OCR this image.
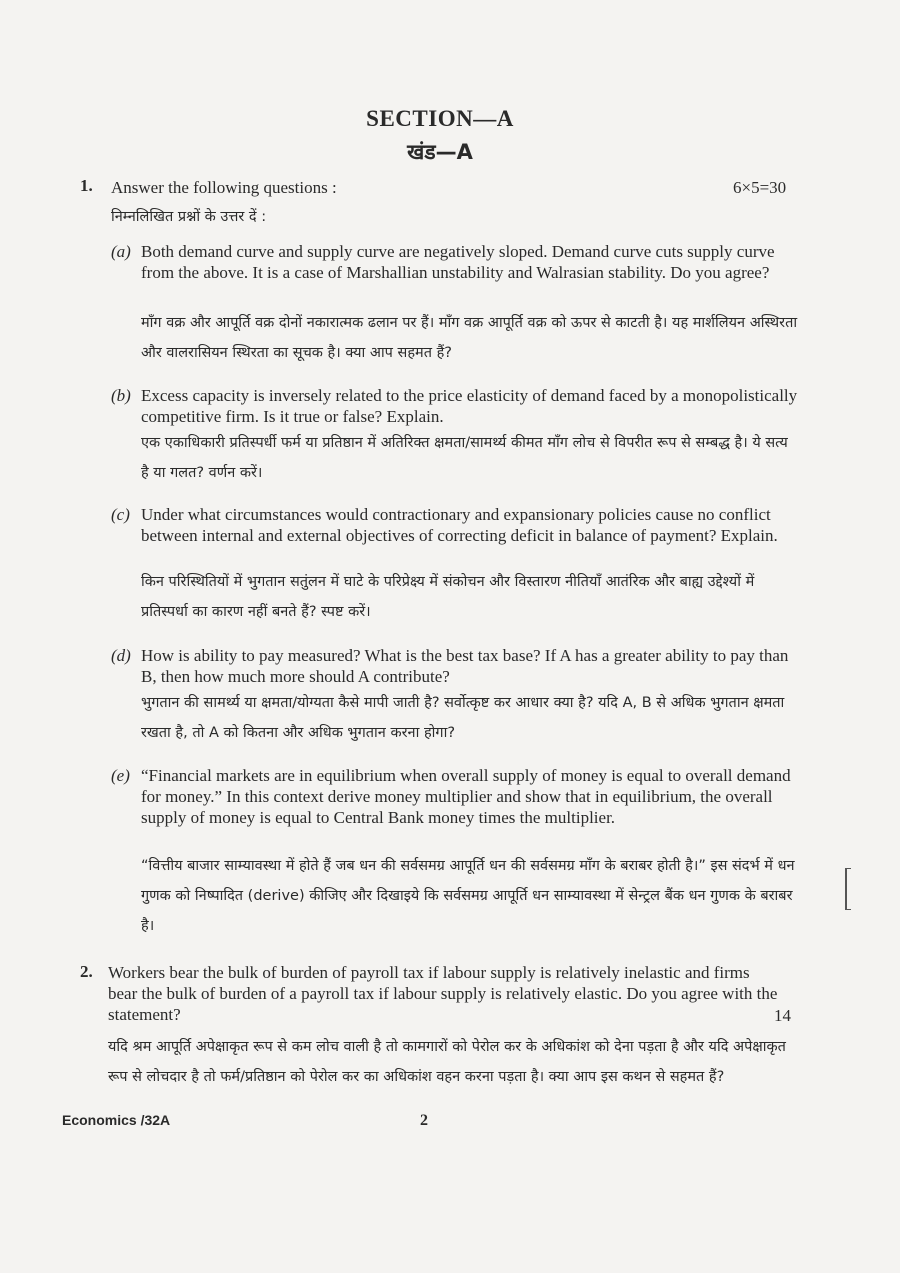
SECTION—A
खंड—A
1. Answer the following questions :	6×5=30
निम्नलिखित प्रश्नों के उत्तर दें :
(a) Both demand curve and supply curve are negatively sloped. Demand curve cuts supply curve from the above. It is a case of Marshallian unstability and Walrasian stability. Do you agree?
माँग वक्र और आपूर्ति वक्र दोनों नकारात्मक ढलान पर हैं। माँग वक्र आपूर्ति वक्र को ऊपर से काटती है। यह मार्शलियन अस्थिरता और वालरासियन स्थिरता का सूचक है। क्या आप सहमत हैं?
(b) Excess capacity is inversely related to the price elasticity of demand faced by a monopolistically competitive firm. Is it true or false? Explain.
एक एकाधिकारी प्रतिस्पर्धी फर्म या प्रतिष्ठान में अतिरिक्त क्षमता/सामर्थ्य कीमत माँग लोच से विपरीत रूप से सम्बद्ध है। ये सत्य है या गलत? वर्णन करें।
(c) Under what circumstances would contractionary and expansionary policies cause no conflict between internal and external objectives of correcting deficit in balance of payment? Explain.
किन परिस्थितियों में भुगतान सतुंलन में घाटे के परिप्रेक्ष्य में संकोचन और विस्तारण नीतियाँ आतंरिक और बाह्य उद्देश्यों में प्रतिस्पर्धा का कारण नहीं बनते हैं? स्पष्ट करें।
(d) How is ability to pay measured? What is the best tax base? If A has a greater ability to pay than B, then how much more should A contribute?
भुगतान की सामर्थ्य या क्षमता/योग्यता कैसे मापी जाती है? सर्वोत्कृष्ट कर आधार क्या है? यदि A, B से अधिक भुगतान क्षमता रखता है, तो A को कितना और अधिक भुगतान करना होगा?
(e) “Financial markets are in equilibrium when overall supply of money is equal to overall demand for money.” In this context derive money multiplier and show that in equilibrium, the overall supply of money is equal to Central Bank money times the multiplier.
“वित्तीय बाजार साम्यावस्था में होते हैं जब धन की सर्वसमग्र आपूर्ति धन की सर्वसमग्र माँग के बराबर होती है।” इस संदर्भ में धन गुणक को निष्पादित (derive) कीजिए और दिखाइये कि सर्वसमग्र आपूर्ति धन साम्यावस्था में सेन्ट्रल बैंक धन गुणक के बराबर है।
2. Workers bear the bulk of burden of payroll tax if labour supply is relatively inelastic and firms bear the bulk of burden of a payroll tax if labour supply is relatively elastic. Do you agree with the statement?	14
यदि श्रम आपूर्ति अपेक्षाकृत रूप से कम लोच वाली है तो कामगारों को पेरोल कर के अधिकांश को देना पड़ता है और यदि अपेक्षाकृत रूप से लोचदार है तो फर्म/प्रतिष्ठान को पेरोल कर का अधिकांश वहन करना पड़ता है। क्या आप इस कथन से सहमत हैं?
Economics /32A	2
